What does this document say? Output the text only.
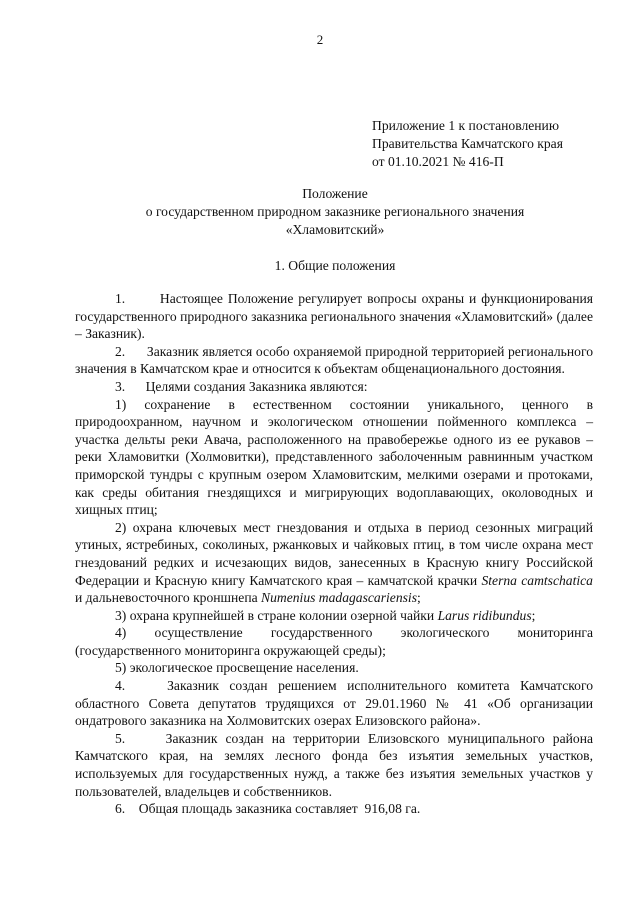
2
Приложение 1 к постановлению
Правительства Камчатского края
от 01.10.2021 № 416-П
Положение
о государственном природном заказнике регионального значения
«Хламовитский»
1. Общие положения

1.       Настоящее Положение регулирует вопросы охраны и функционирования государственного природного заказника регионального значения «Хламовитский» (далее – Заказник).

2.      Заказник является особо охраняемой природной территорией регионального значения в Камчатском крае и относится к объектам общенационального достояния.

3.      Целями создания Заказника являются:

1) сохранение в естественном состоянии уникального, ценного в природоохранном, научном и экологическом отношении пойменного комплекса – участка дельты реки Авача, расположенного на правобережье одного из ее рукавов – реки Хламовитки (Холмовитки), представленного заболоченным равнинным участком приморской тундры с крупным озером Хламовитским, мелкими озерами и протоками, как среды обитания гнездящихся и мигрирующих водоплавающих, околоводных и хищных птиц;

2) охрана ключевых мест гнездования и отдыха в период сезонных миграций утиных, ястребиных, соколиных, ржанковых и чайковых птиц, в том числе охрана мест гнездований редких и исчезающих видов, занесенных в Красную книгу Российской Федерации и Красную книгу Камчатского края – камчатской крачки Sterna camtschatica и дальневосточного кроншнепа Numenius madagascariensis;

3) охрана крупнейшей в стране колонии озерной чайки Larus ridibundus;

4) осуществление государственного экологического мониторинга (государственного мониторинга окружающей среды);

5) экологическое просвещение населения.

4.    Заказник создан решением исполнительного комитета Камчатского областного Совета депутатов трудящихся от 29.01.1960 № 41 «Об организации ондатрового заказника на Холмовитских озерах Елизовского района».

5.     Заказник создан на территории Елизовского муниципального района Камчатского края, на землях лесного фонда без изъятия земельных участков, используемых для государственных нужд, а также без изъятия земельных участков у пользователей, владельцев и собственников.

6.    Общая площадь заказника составляет  916,08 га.
